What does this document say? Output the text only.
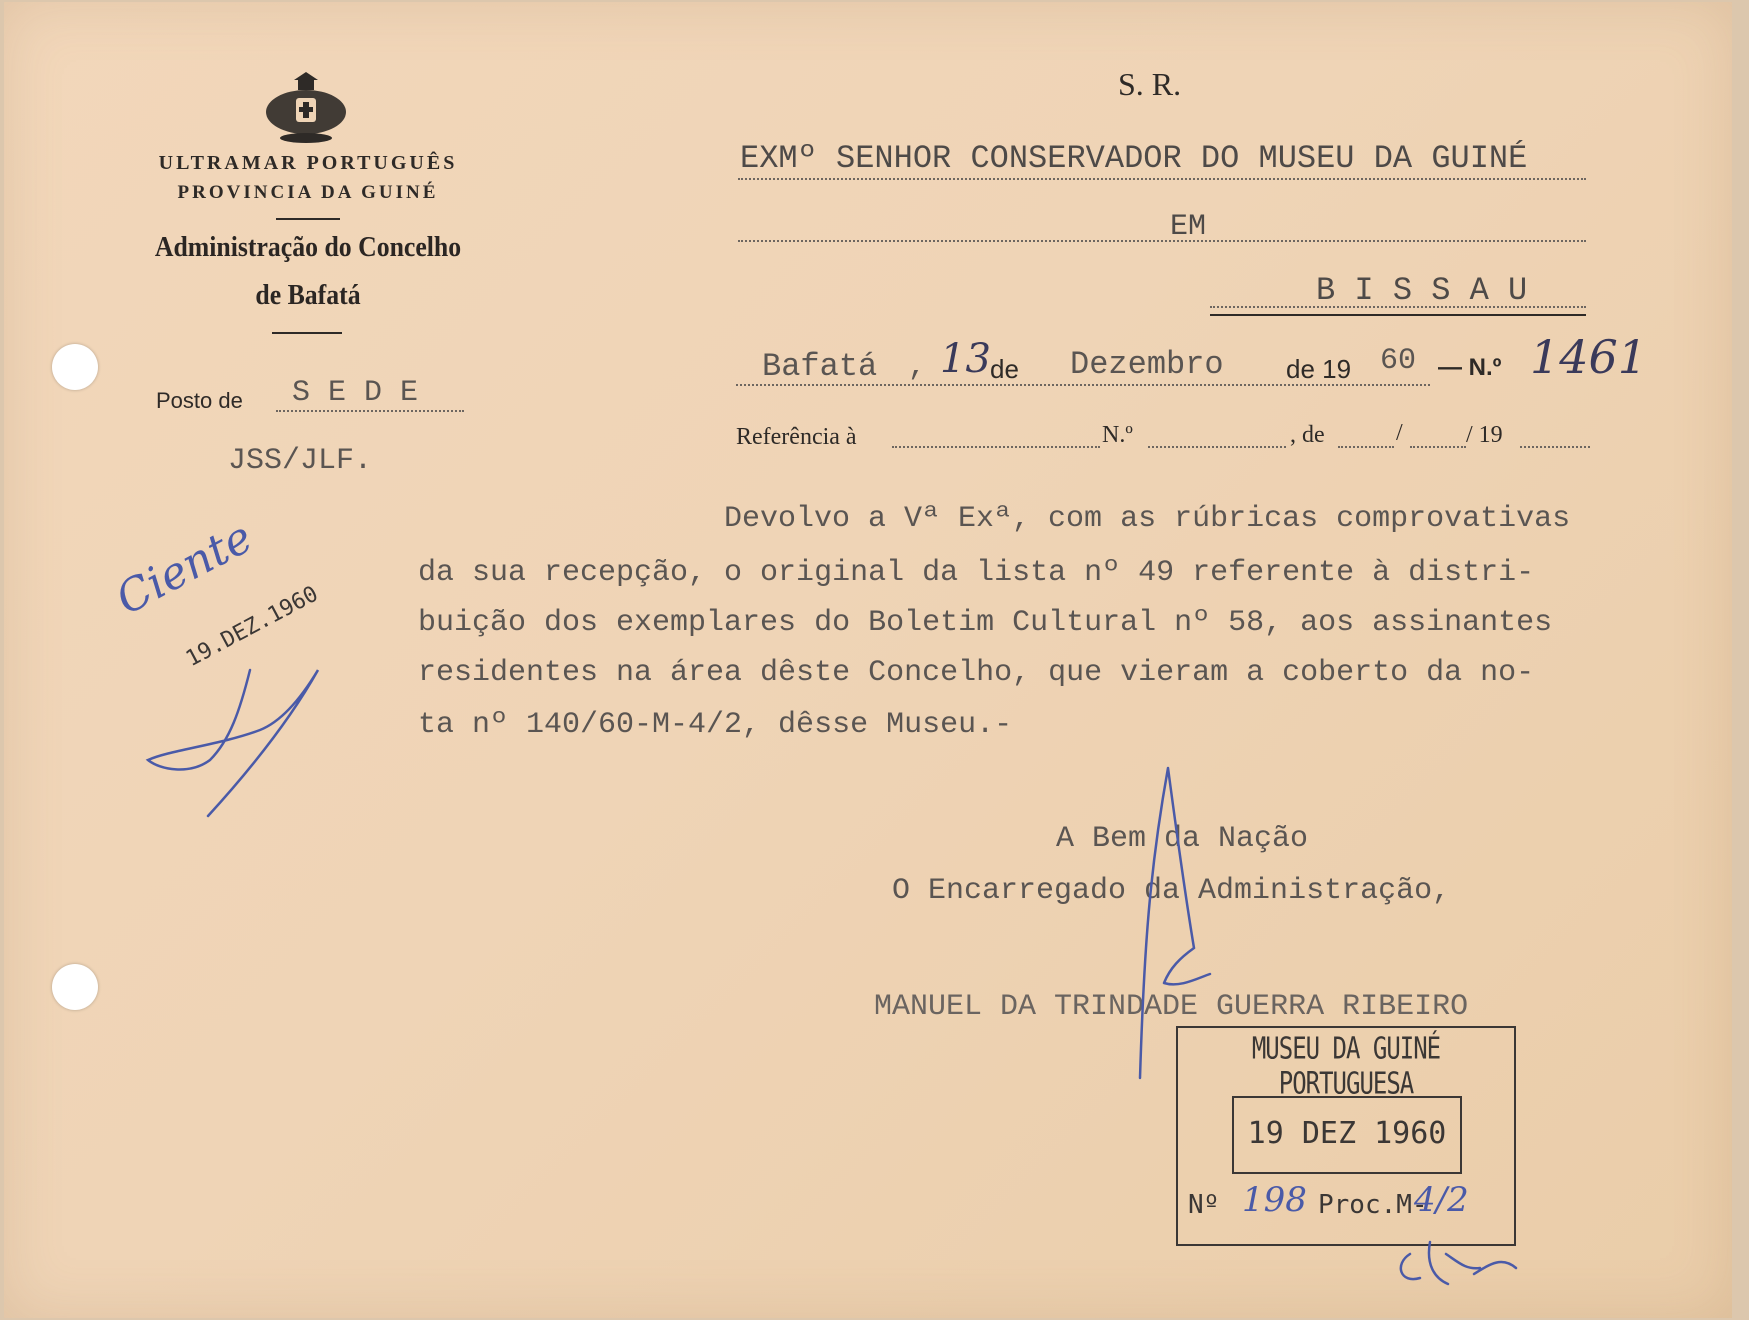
ULTRAMAR PORTUGUÊS
PROVINCIA DA GUINÉ
Administração do Concelho
de Bafatá
Posto de S E D E
JSS/JLF.
S. R.
EXMº SENHOR CONSERVADOR DO MUSEU DA GUINÉ
EM
B I S S A U
Bafatá , 13 de Dezembro de 19 60 — N.º 1461
Referência à	N.º	, de	/	/ 19
Devolvo a Vª Exª, com as rúbricas comprovativas
da sua recepção, o original da lista nº 49 referente à distri-
buição dos exemplares do Boletim Cultural nº 58, aos assinantes
residentes na área dêste Concelho, que vieram a coberto da no-
ta nº 140/60-M-4/2, dêsse Museu.-
A Bem da Nação
O Encarregado da Administração,
MANUEL DA TRINDADE GUERRA RIBEIRO
MUSEU DA GUINÉ PORTUGUESA
19 DEZ 1960
Nº 198 Proc.M-
4/2
Ciente
19.DEZ.1960
